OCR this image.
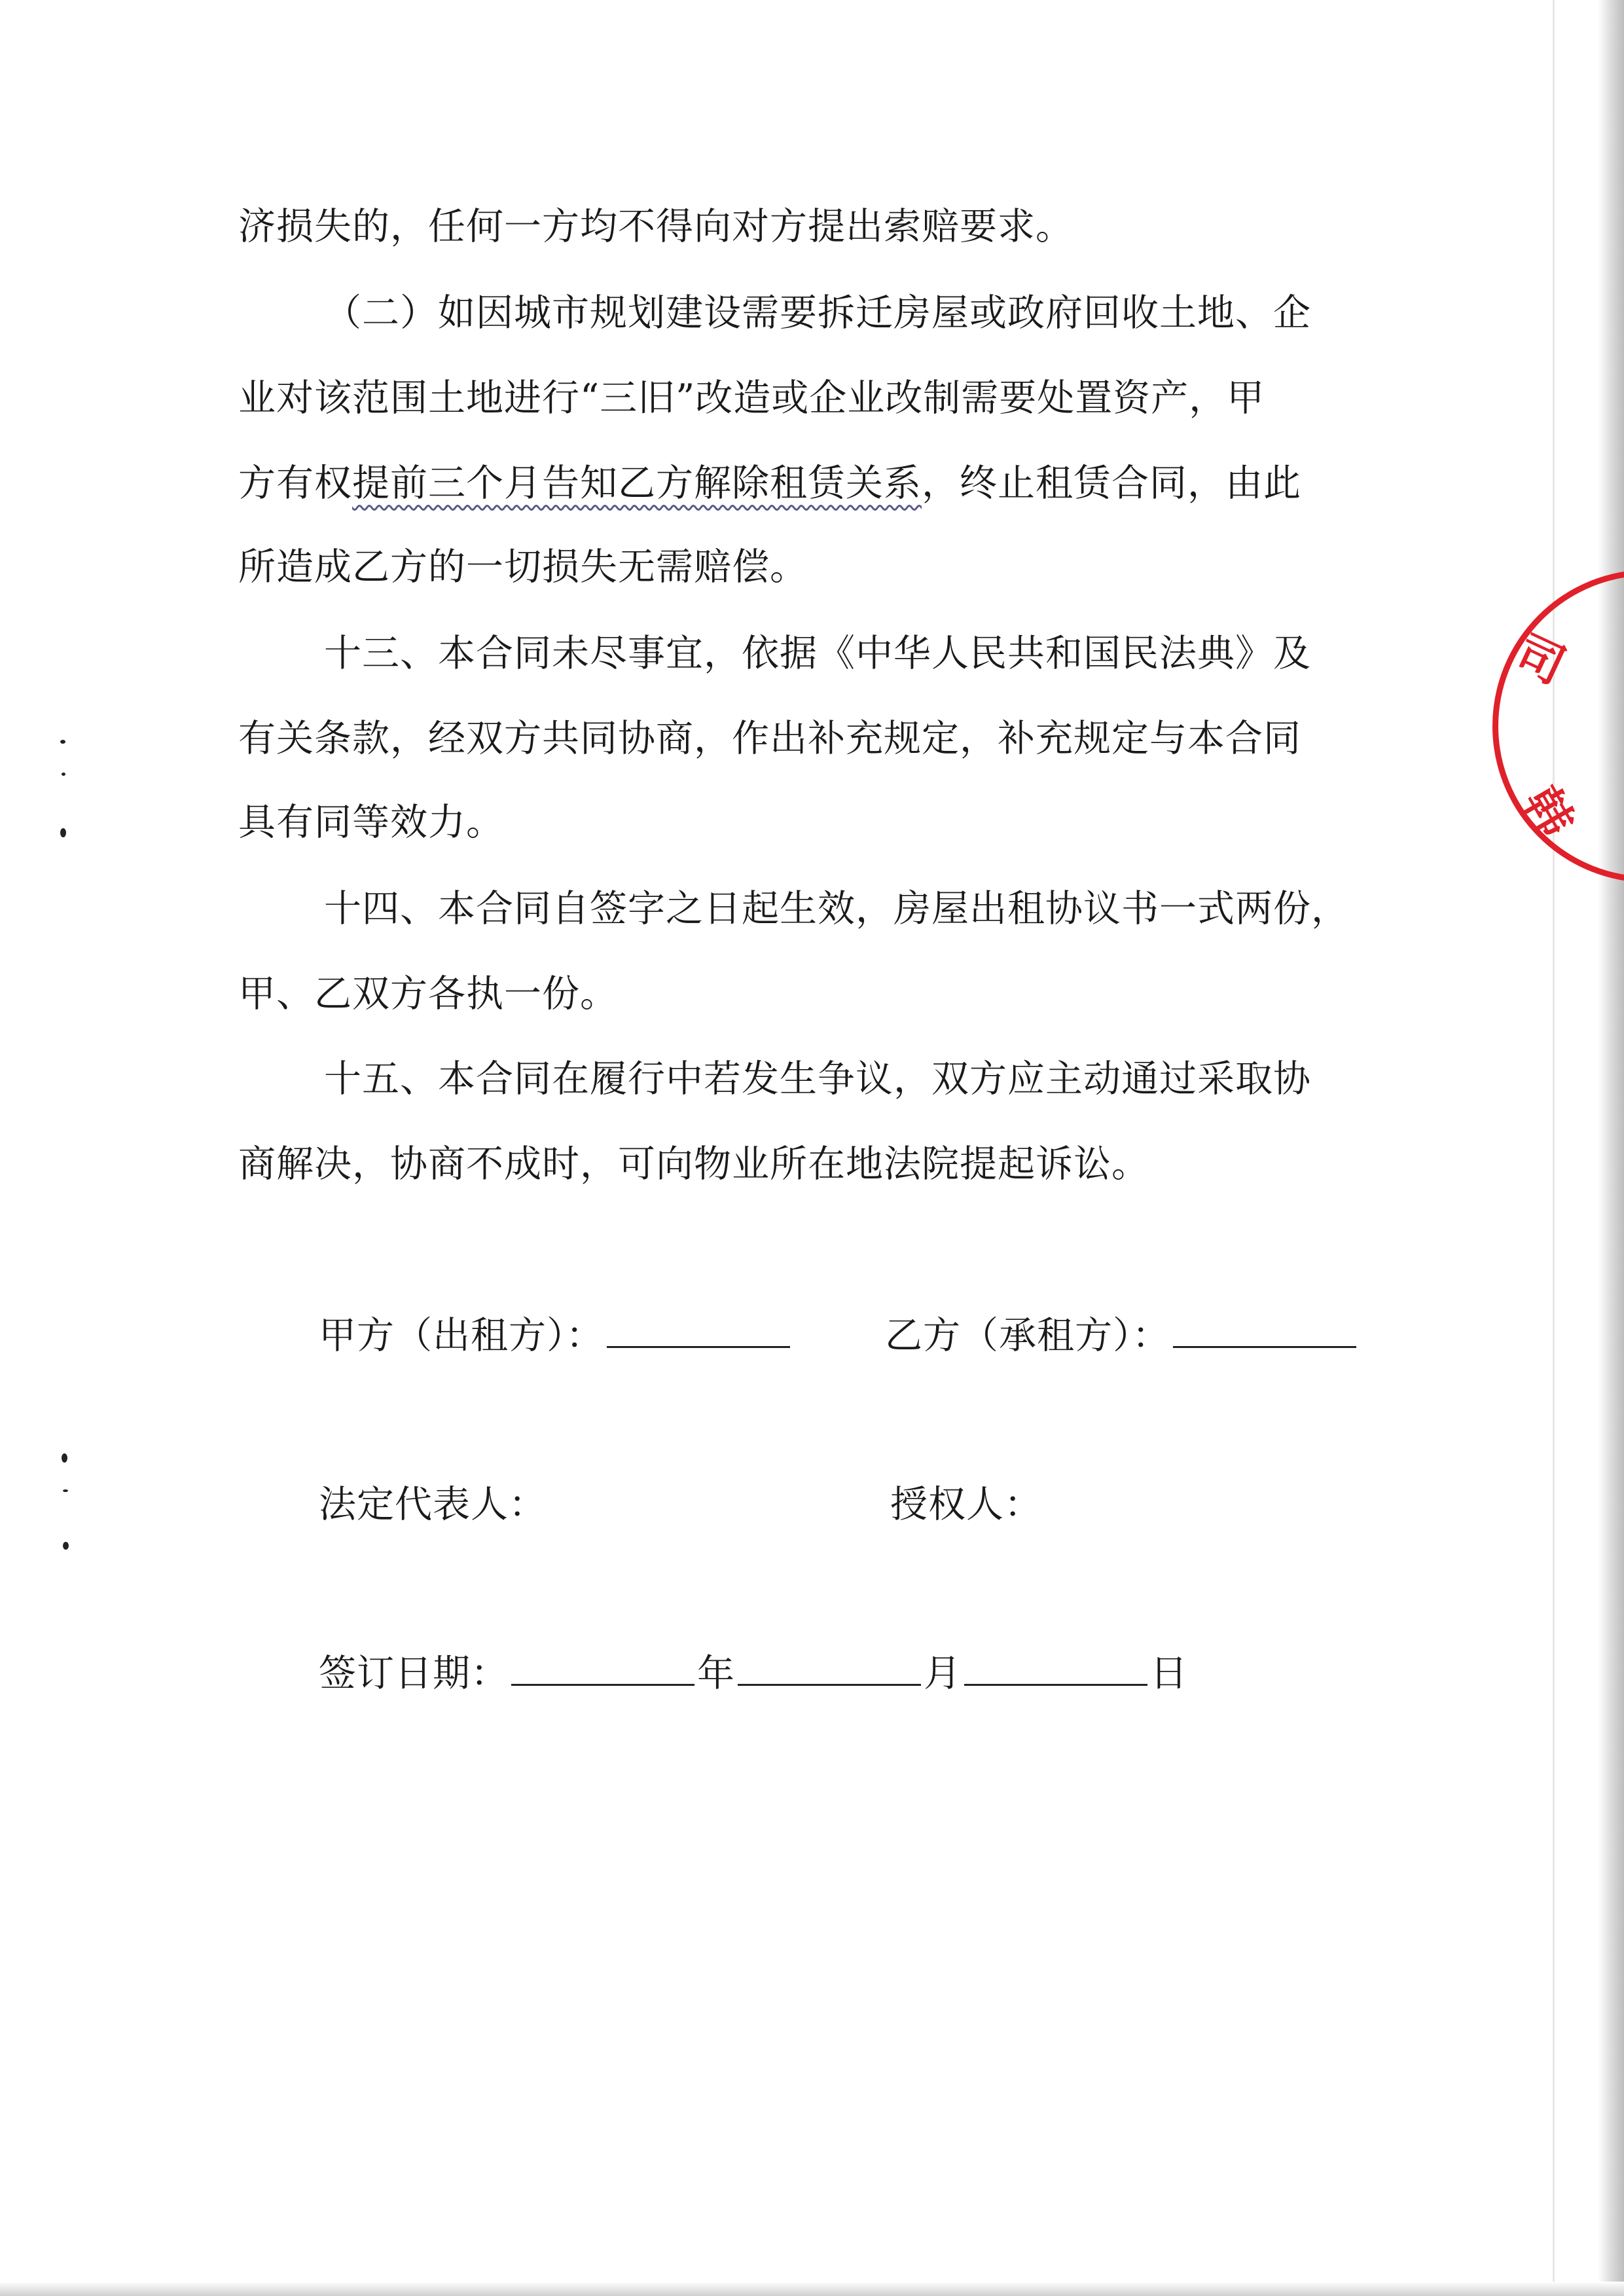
济损失的，任何一方均不得向对方提出索赔要求。
（二）如因城市规划建设需要拆迁房屋或政府回收土地、企
业对该范围土地进行“三旧”改造或企业改制需要处置资产，甲
方有权提前三个月告知乙方解除租赁关系，终止租赁合同，由此
所造成乙方的一切损失无需赔偿。
十三、本合同未尽事宜，依据《中华人民共和国民法典》及
有关条款，经双方共同协商，作出补充规定，补充规定与本合同
具有同等效力。
十四、本合同自签字之日起生效，房屋出租协议书一式两份，
甲、乙双方各执一份。
十五、本合同在履行中若发生争议，双方应主动通过采取协
商解决，协商不成时，可向物业所在地法院提起诉讼。
甲方（出租方）：	乙方（承租方）：
法定代表人：	授权人：
签订日期：	年	月	日
司
韩
